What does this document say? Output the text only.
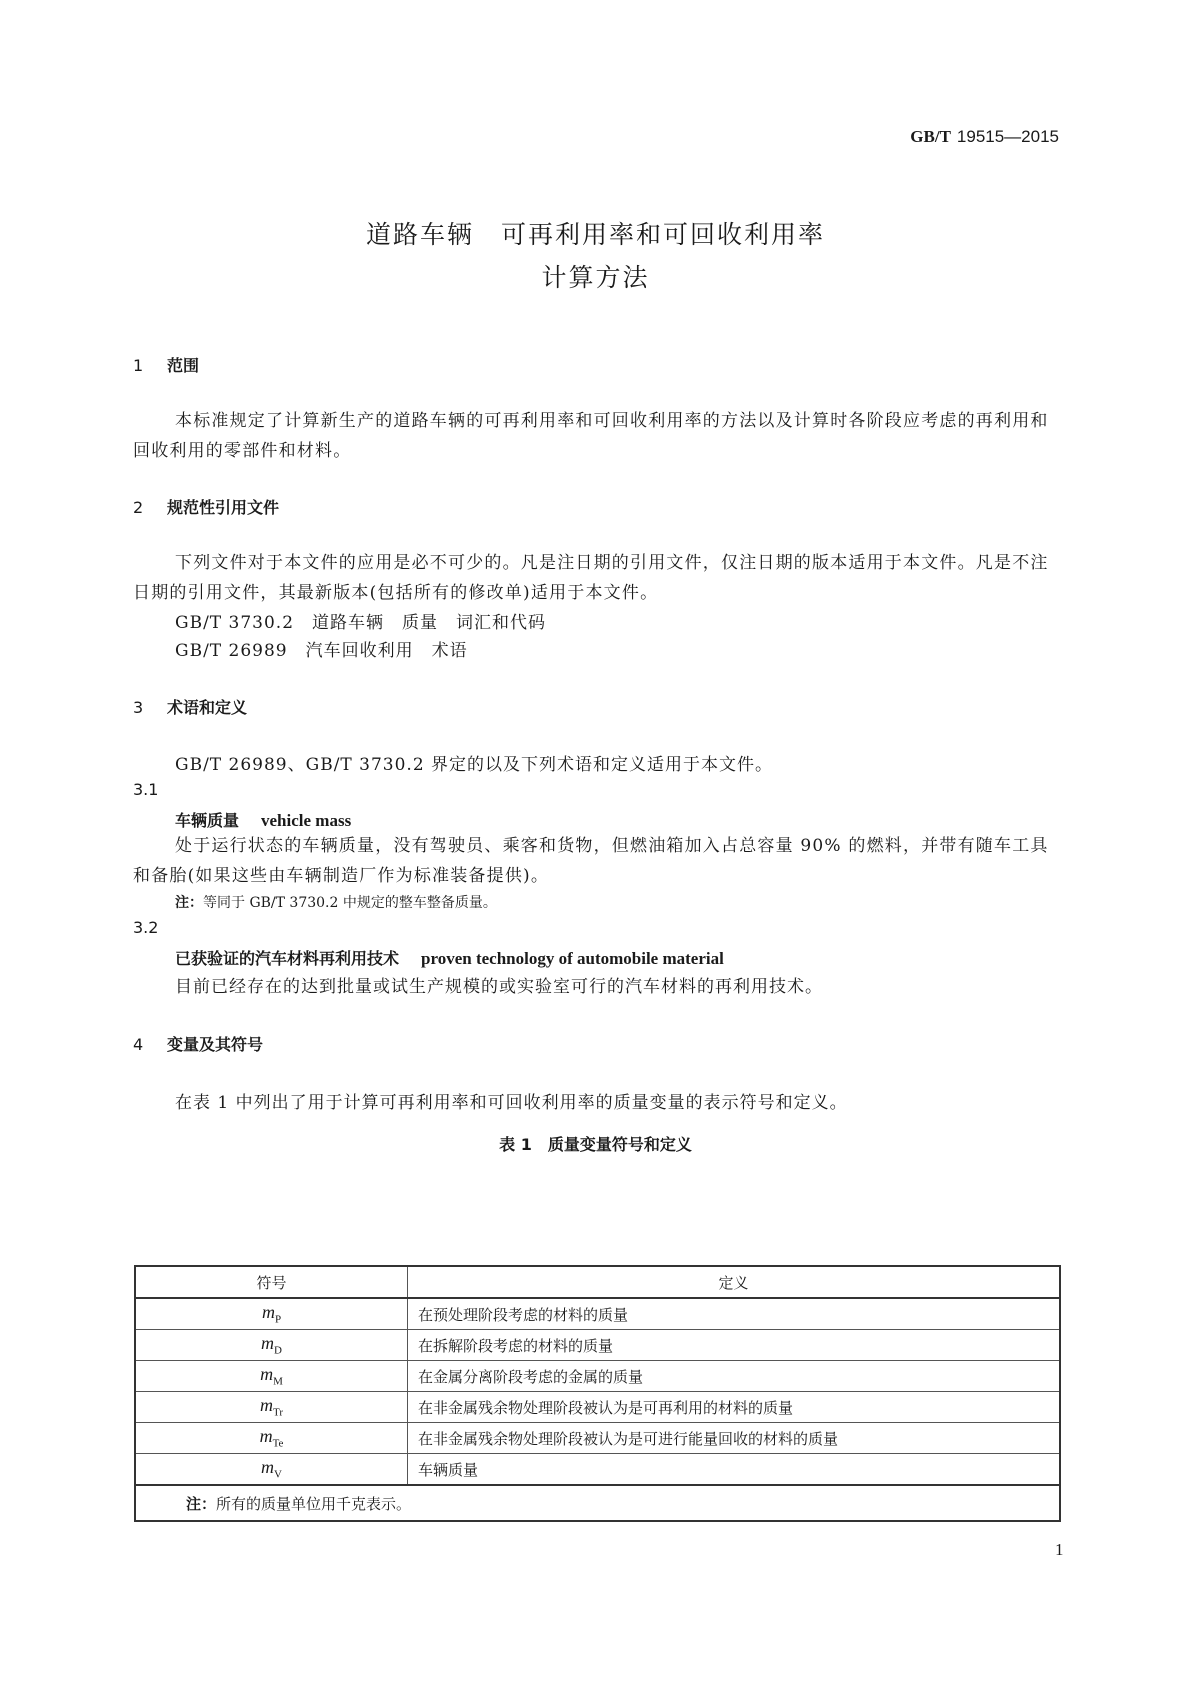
GB/T 19515—2015
道路车辆　可再利用率和可回收利用率
计算方法
1 范围
本标准规定了计算新生产的道路车辆的可再利用率和可回收利用率的方法以及计算时各阶段应考虑的再利用和回收利用的零部件和材料。
2 规范性引用文件
下列文件对于本文件的应用是必不可少的。凡是注日期的引用文件，仅注日期的版本适用于本文件。凡是不注日期的引用文件，其最新版本(包括所有的修改单)适用于本文件。
GB/T 3730.2　道路车辆　质量　词汇和代码
GB/T 26989　汽车回收利用　术语
3 术语和定义
GB/T 26989、GB/T 3730.2 界定的以及下列术语和定义适用于本文件。
3.1
车辆质量 vehicle mass
处于运行状态的车辆质量，没有驾驶员、乘客和货物，但燃油箱加入占总容量 90% 的燃料，并带有随车工具和备胎(如果这些由车辆制造厂作为标准装备提供)。
注：等同于 GB/T 3730.2 中规定的整车整备质量。
3.2
已获验证的汽车材料再利用技术 proven technology of automobile material
目前已经存在的达到批量或试生产规模的或实验室可行的汽车材料的再利用技术。
4 变量及其符号
在表 1 中列出了用于计算可再利用率和可回收利用率的质量变量的表示符号和定义。
表 1　质量变量符号和定义
符号	定义
$m_P$	在预处理阶段考虑的材料的质量
$m_D$	在拆解阶段考虑的材料的质量
$m_M$	在金属分离阶段考虑的金属的质量
$m_{Tr}$	在非金属残余物处理阶段被认为是可再利用的材料的质量
$m_{Te}$	在非金属残余物处理阶段被认为是可进行能量回收的材料的质量
$m_V$	车辆质量
注：所有的质量单位用千克表示。	
1
